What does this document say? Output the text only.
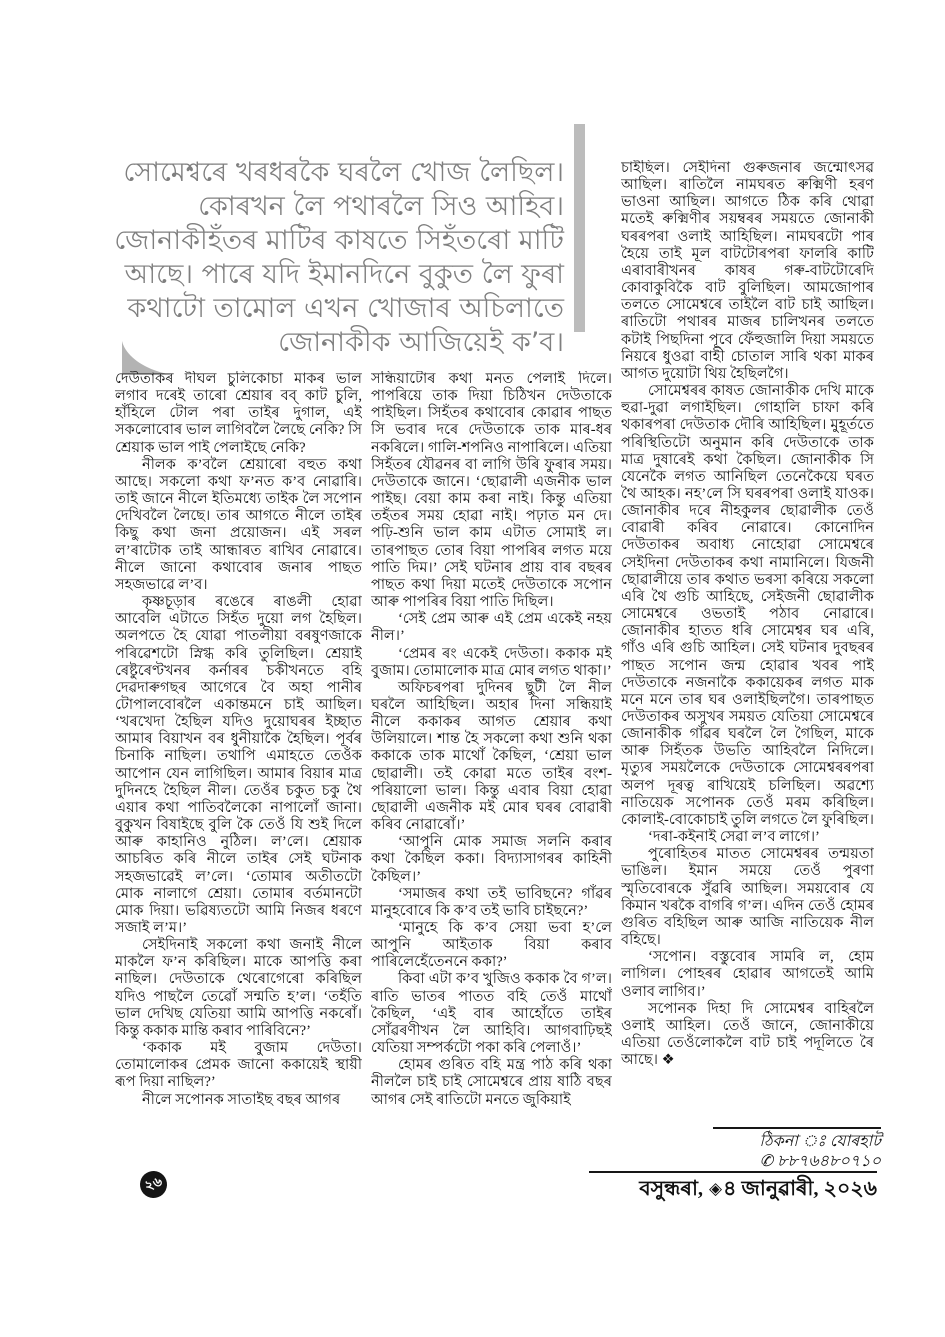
সোমেশ্বৰে খৰধৰকৈ ঘৰলৈ খোজ লৈছিল। কোৰখন লৈ পথাৰলৈ সিও আহিব। জোনাকীহঁতৰ মাটিৰ কাষতে সিহঁতৰো মাটি আছে। পাৰে যদি ইমানদিনে বুকুত লৈ ফুৰা কথাটো তামোল এখন খোজাৰ অচিলাতে জোনাকীক আজিয়েই ক’ব।

দেউতাকৰ দীঘল চুলিকোচা মাকৰ ভাল লগাব দৰেই তাৰো শ্ৰেয়াৰ বব্ কাট চুলি, হাঁহিলে টোল পৰা তাইৰ দুগাল, এই সকলোবোৰ ভাল লাগিবলৈ লৈছে নেকি? সি শ্ৰেয়াক ভাল পাই পেলাইছে নেকি?

নীলক ক’বলৈ শ্ৰেয়াৰো বহুত কথা আছে। সকলো কথা ফ’নত ক’ব নোৱাৰি। তাই জানে নীলে ইতিমধ্যে তাইক লৈ সপোন দেখিবলৈ লৈছে। তাৰ আগতে নীলে তাইৰ কিছু কথা জনা প্ৰয়োজন। এই সৰল ল’ৰাটোক তাই আন্ধাৰত ৰাখিব নোৱাৰে। নীলে জানো কথাবোৰ জনাৰ পাছত সহজভাৱে ল’ব।

কৃষ্ণচূড়াৰ ৰঙেৰে ৰাঙলী হোৱা আবেলি এটাতে সিহঁত দুয়ো লগ হৈছিল। অলপতে হৈ যোৱা পাতলীয়া বৰষুণজাকে পৰিৱেশটো স্নিগ্ধ কৰি তুলিছিল। শ্ৰেয়াই ৰেষ্টুৰেণ্টখনৰ কৰ্নাৰৰ চকীখনতে বহি দেৱদাৰুগছৰ আগেৰে বৈ অহা পানীৰ টোপালবোৰলৈ একান্তমনে চাই আছিল। ‘খৰখেদা হৈছিল যদিও দুয়োঘৰৰ ইচ্ছাত আমাৰ বিয়াখন বৰ ধুনীয়াকৈ হৈছিল। পূৰ্বৰ চিনাকি নাছিল। তথাপি এমাহতে তেওঁক আপোন যেন লাগিছিল। আমাৰ বিয়াৰ মাত্ৰ দুদিনহে হৈছিল নীল। তেওঁৰ চকুত চকু থৈ এয়াৰ কথা পাতিবলৈকো নাপালোঁ জানা। বুকুখন বিষাইছে বুলি কৈ তেওঁ যি শুই দিলে আৰু কাহানিও নুঠিল। ল’লে। শ্ৰেয়াক আচৰিত কৰি নীলে তাইৰ সেই ঘটনাক সহজভাৱেই ল’লে। ‘তোমাৰ অতীতটো মোক নালাগে শ্ৰেয়া। তোমাৰ বৰ্তমানটো মোক দিয়া। ভৱিষ্যতটো আমি নিজৰ ধৰণে সজাই ল’ম।’

সেইদিনাই সকলো কথা জনাই নীলে মাকলৈ ফ’ন কৰিছিল। মাকে আপত্তি কৰা নাছিল। দেউতাকে থেৰোগেৰো কৰিছিল যদিও পাছলৈ তেৱোঁ সন্মতি হ’ল। ‘তহঁতি ভাল দেখিছ যেতিয়া আমি আপত্তি নকৰোঁ। কিন্তু ককাক মান্তি কৰাব পাৰিবিনে?’

‘ককাক মই বুজাম দেউতা। তোমালোকৰ প্ৰেমক জানো ককায়েই স্থায়ী ৰূপ দিয়া নাছিল?’

নীলে সপোনক সাতাইছ বছৰ আগৰ

সন্ধিয়াটোৰ কথা মনত পেলাই দিলে। পাপৰিয়ে তাক দিয়া চিঠিখন দেউতাকে পাইছিল। সিহঁতৰ কথাবোৰ কোৱাৰ পাছত সি ভবাৰ দৰে দেউতাকে তাক মাৰ-ধৰ নকৰিলে। গালি-শপনিও নাপাৰিলে। এতিয়া সিহঁতৰ যৌৱনৰ বা লাগি উৰি ফুৰাৰ সময়। দেউতাকে জানে। ‘ছোৱালী এজনীক ভাল পাইছ। বেয়া কাম কৰা নাই। কিন্তু এতিয়া তহঁতৰ সময় হোৱা নাই। পঢ়াত মন দে। পঢ়ি-শুনি ভাল কাম এটাত সোমাই ল। তাৰপাছত তোৰ বিয়া পাপৰিৰ লগত ময়ে পাতি দিম।’ সেই ঘটনাৰ প্ৰায় বাৰ বছৰৰ পাছত কথা দিয়া মতেই দেউতাকে সপোন আৰু পাপৰিৰ বিয়া পাতি দিছিল।

‘সেই প্ৰেম আৰু এই প্ৰেম একেই নহয় নীল।’

‘প্ৰেমৰ ৰং একেই দেউতা। ককাক মই বুজাম। তোমালোক মাত্ৰ মোৰ লগত থাকা।’

অফিচৰপৰা দুদিনৰ ছুটী লৈ নীল ঘৰলৈ আহিছিল। অহাৰ দিনা সন্ধিয়াই নীলে ককাকৰ আগত শ্ৰেয়াৰ কথা উলিয়ালে। শান্ত হৈ সকলো কথা শুনি থকা ককাকে তাক মাথোঁ কৈছিল, ‘শ্ৰেয়া ভাল ছোৱালী। তই কোৱা মতে তাইৰ বংশ-পৰিয়ালো ভাল। কিন্তু এবাৰ বিয়া হোৱা ছোৱালী এজনীক মই মোৰ ঘৰৰ বোৱাৰী কৰিব নোৱাৰোঁ।’

‘আপুনি মোক সমাজ সলনি কৰাৰ কথা কৈছিল ককা। বিদ্যাসাগৰৰ কাহিনী কৈছিল।’

‘সমাজৰ কথা তই ভাবিছনে? গাঁৱৰ মানুহবোৰে কি ক’ব তই ভাবি চাইছনে?’

‘মানুহে কি ক’ব সেয়া ভবা হ’লে আপুনি আইতাক বিয়া কৰাব পাৰিলেহেঁতেননে ককা?’

কিবা এটা ক’ব খুজিও ককাক বৈ গ’ল। ৰাতি ভাতৰ পাতত বহি তেওঁ মাথোঁ কৈছিল, ‘এই বাৰ আহোঁতে তাইৰ সোঁৱৰণীখন লৈ আহিবি। আগবাঢ়িছই যেতিয়া সম্পৰ্কটো পকা কৰি পেলাওঁ।’

হোমৰ গুৰিত বহি মন্ত্ৰ পাঠ কৰি থকা নীললৈ চাই চাই সোমেশ্বৰে প্ৰায় ষাঠি বছৰ আগৰ সেই ৰাতিটো মনতে জুকিয়াই

চাইছিল। সেইদিনা গুৰুজনাৰ জন্মোৎসৱ আছিল। ৰাতিলৈ নামঘৰত ৰুক্মিণী হৰণ ভাওনা আছিল। আগতে ঠিক কৰি থোৱা মতেই ৰুক্মিণীৰ সয়ম্বৰৰ সময়তে জোনাকী ঘৰৰপৰা ওলাই আহিছিল। নামঘৰটো পাৰ হৈয়ে তাই মূল বাটটোৰপৰা ফালৰি কাটি এৰাবাৰীখনৰ কাষৰ গৰু-বাটটোৰেদি কোবাকুবিকৈ বাট বুলিছিল। আমজোপাৰ তলতে সোমেশ্বৰে তাইলৈ বাট চাই আছিল। ৰাতিটো পথাৰৰ মাজৰ চালিখনৰ তলতে কটাই পিছদিনা পূবে ফেঁহুজালি দিয়া সময়তে নিয়ৰে ধুওৱা বাহী চোতাল সাৰি থকা মাকৰ আগত দুয়োটা থিয় হৈছিলগৈ।

সোমেশ্বৰৰ কাষত জোনাকীক দেখি মাকে হুৱা-দুৱা লগাইছিল। গোহালি চাফা কৰি থকাৰপৰা দেউতাক দৌৰি আহিছিল। মুহূৰ্ততে পৰিস্থিতিটো অনুমান কৰি দেউতাকে তাক মাত্ৰ দুষাৰেই কথা কৈছিল। জোনাকীক সি যেনেকৈ লগত আনিছিল তেনেকৈয়ে ঘৰত থৈ আহক। নহ’লে সি ঘৰৰপৰা ওলাই যাওক। জোনাকীৰ দৰে নীহকুলৰ ছোৱালীক তেওঁ বোৱাৰী কৰিব নোৱাৰে। কোনোদিন দেউতাকৰ অবাধ্য নোহোৱা সোমেশ্বৰে সেইদিনা দেউতাকৰ কথা নামানিলে। যিজনী ছোৱালীয়ে তাৰ কথাত ভৰসা কৰিয়ে সকলো এৰি থৈ গুচি আহিছে, সেইজনী ছোৱালীক সোমেশ্বৰে ওভতাই পঠাব নোৱাৰে। জোনাকীৰ হাতত ধৰি সোমেশ্বৰ ঘৰ এৰি, গাঁও এৰি গুচি আহিল। সেই ঘটনাৰ দুবছৰৰ পাছত সপোন জন্ম হোৱাৰ খবৰ পাই দেউতাকে নজনাকৈ ককায়েকৰ লগত মাক মনে মনে তাৰ ঘৰ ওলাইছিলগৈ। তাৰপাছত দেউতাকৰ অসুখৰ সময়ত যেতিয়া সোমেশ্বৰে জোনাকীক গাঁৱৰ ঘৰলৈ লৈ গৈছিল, মাকে আৰু সিহঁতক উভতি আহিবলৈ নিদিলে। মৃত্যুৰ সময়লৈকে দেউতাকে সোমেশ্বৰৰপৰা অলপ দূৰত্ব ৰাখিয়েই চলিছিল। অৱশ্যে নাতিয়েক সপোনক তেওঁ মৰম কৰিছিল। কোলাই-বোকোচাই তুলি লগতে লৈ ফুৰিছিল।

‘দৰা-কইনাই সেৱা ল’ব লাগে।’

পুৰোহিতৰ মাতত সোমেশ্বৰৰ তন্ময়তা ভাঙিল। ইমান সময়ে তেওঁ পুৰণা স্মৃতিবোৰকে সুঁৱৰি আছিল। সময়বোৰ যে কিমান খৰকৈ বাগৰি গ’ল। এদিন তেওঁ হোমৰ গুৰিত বহিছিল আৰু আজি নাতিয়েক নীল বহিছে।

‘সপোন। বস্তুবোৰ সামৰি ল, হোম লাগিল। পোহৰৰ হোৱাৰ আগতেই আমি ওলাব লাগিব।’

সপোনক দিহা দি সোমেশ্বৰ বাহিৰলৈ ওলাই আহিল। তেওঁ জানে, জোনাকীয়ে এতিয়া তেওঁলোকলৈ বাট চাই পদূলিতে ৰৈ আছে। ❖

ঠিকনা ঃ যোৰহাট
✆ ৮৮৭৬৪৮০৭১০
২৬	বসুন্ধৰা, ◈৪ জানুৱাৰী, ২০২৬
